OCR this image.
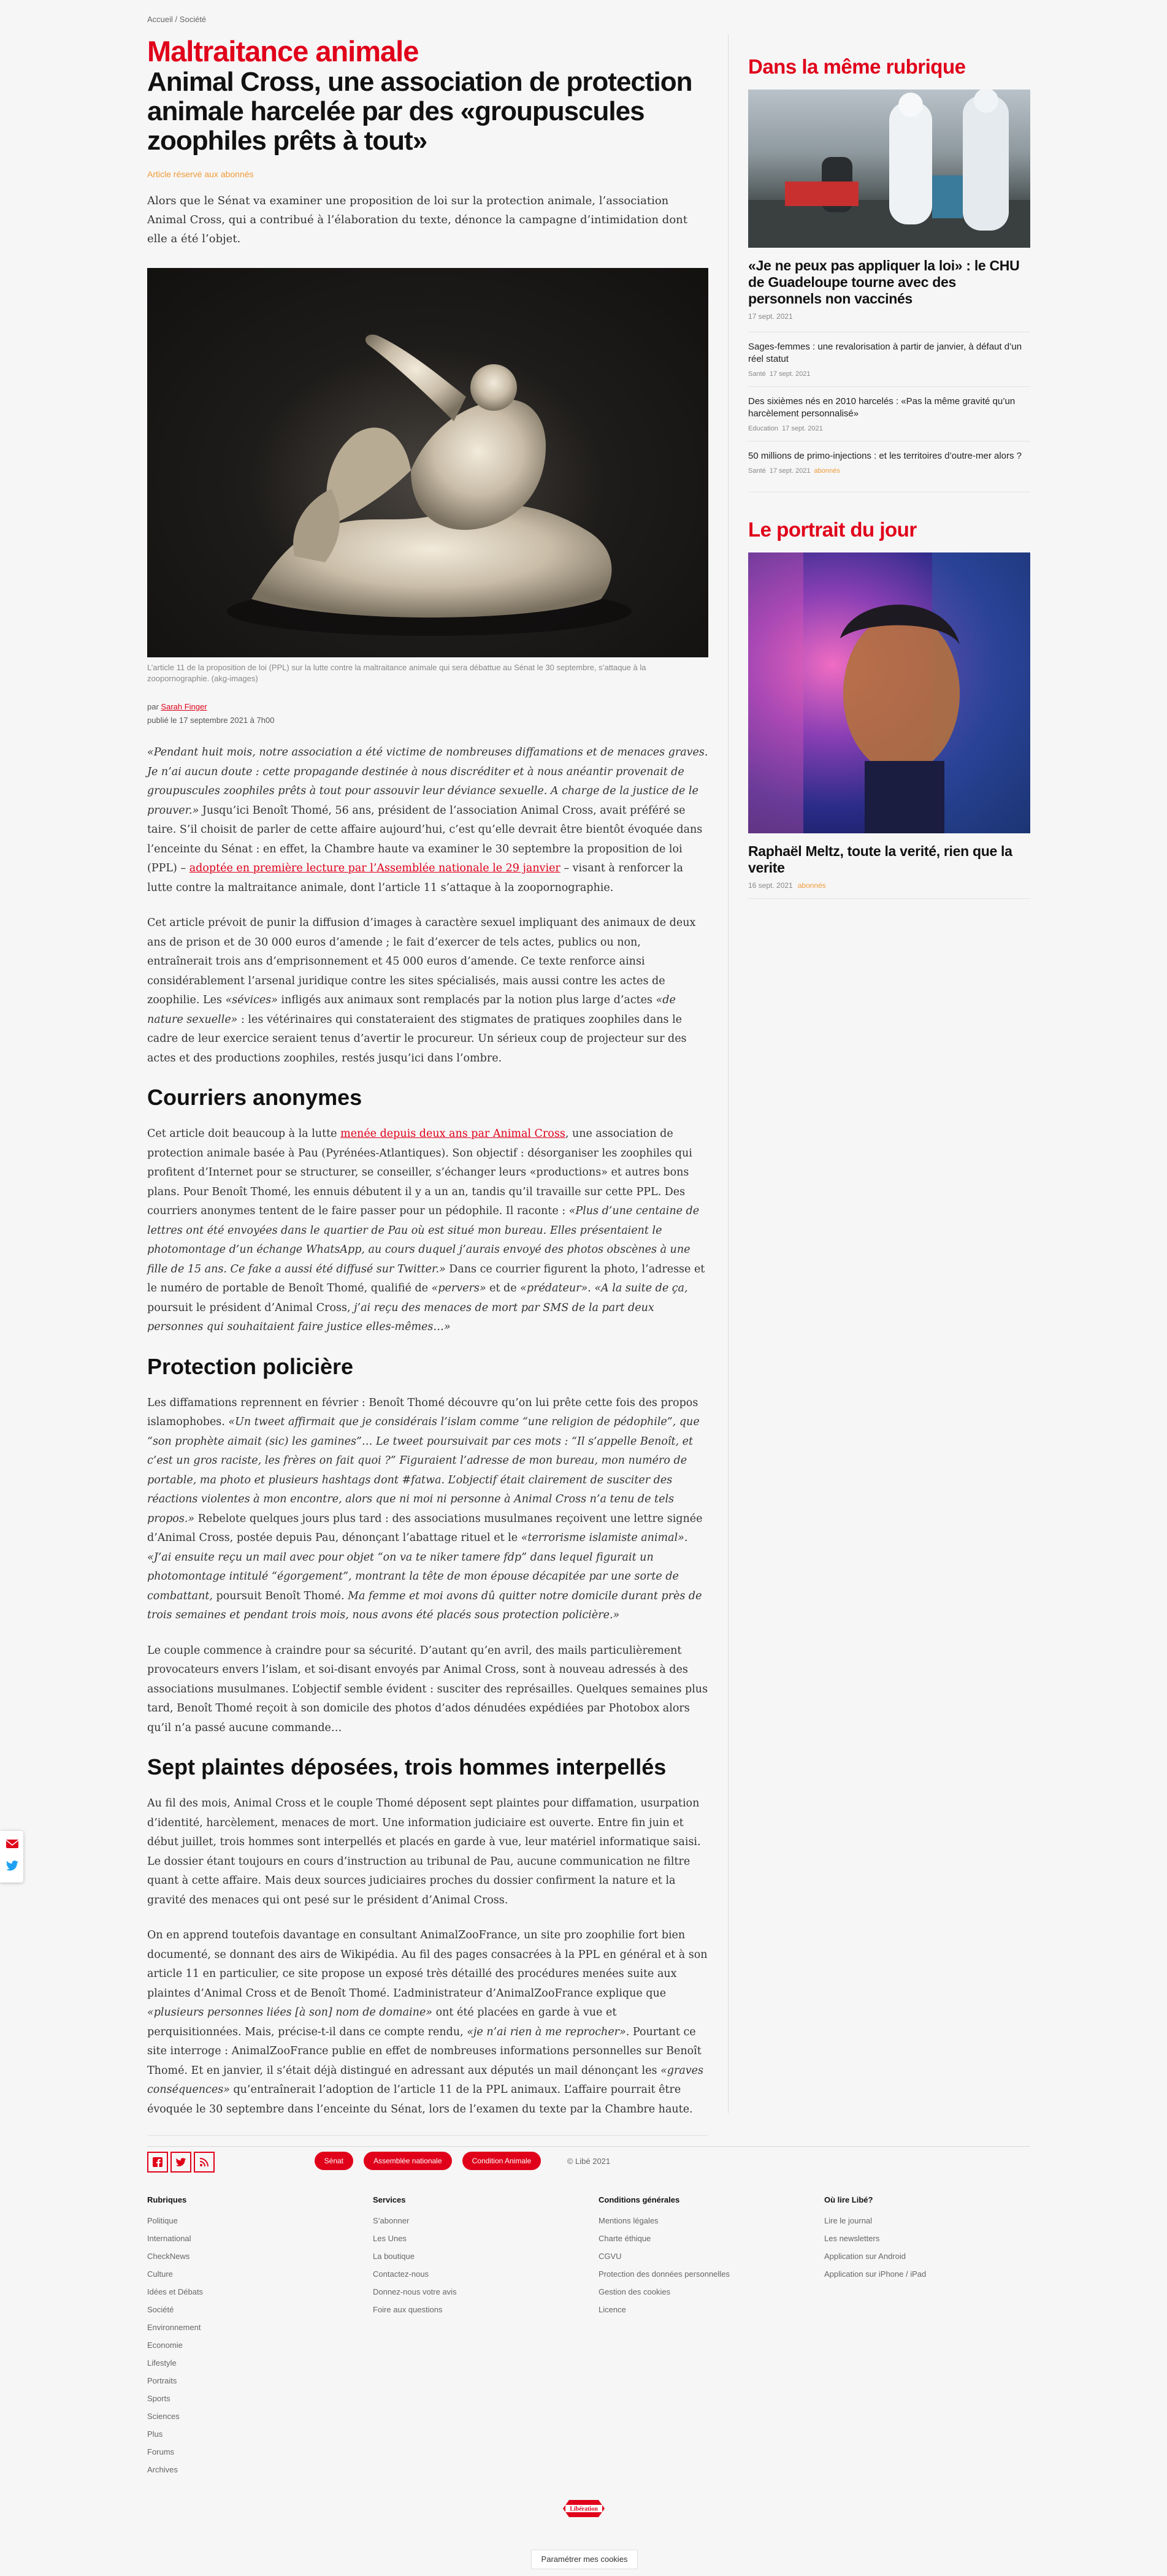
Accueil / Société
Maltraitance animale
Animal Cross, une association de protection animale harcelée par des «groupuscules zoophiles prêts à tout»
Article réservé aux abonnés

Alors que le Sénat va examiner une proposition de loi sur la protection animale, l’association Animal Cross, qui a contribué à l’élaboration du texte, dénonce la campagne d’intimidation dont elle a été l’objet.

L’article 11 de la proposition de loi (PPL) sur la lutte contre la maltraitance animale qui sera débattue au Sénat le 30 septembre, s’attaque à la zoopornographie. (akg-images)
par Sarah Finger
publié le 17 septembre 2021 à 7h00

«Pendant huit mois, notre association a été victime de nombreuses diffamations et de menaces graves. Je n’ai aucun doute : cette propagande destinée à nous discréditer et à nous anéantir provenait de groupuscules zoophiles prêts à tout pour assouvir leur déviance sexuelle. A charge de la justice de le prouver.» Jusqu’ici Benoît Thomé, 56 ans, président de l’association Animal Cross, avait préféré se taire. S’il choisit de parler de cette affaire aujourd’hui, c’est qu’elle devrait être bientôt évoquée dans l’enceinte du Sénat : en effet, la Chambre haute va examiner le 30 septembre la proposition de loi (PPL) – adoptée en première lecture par l’Assemblée nationale le 29 janvier – visant à renforcer la lutte contre la maltraitance animale, dont l’article 11 s’attaque à la zoopornographie.

Cet article prévoit de punir la diffusion d’images à caractère sexuel impliquant des animaux de deux ans de prison et de 30 000 euros d’amende ; le fait d’exercer de tels actes, publics ou non, entraînerait trois ans d’emprisonnement et 45 000 euros d’amende. Ce texte renforce ainsi considérablement l’arsenal juridique contre les sites spécialisés, mais aussi contre les actes de zoophilie. Les «sévices» infligés aux animaux sont remplacés par la notion plus large d’actes «de nature sexuelle» : les vétérinaires qui constateraient des stigmates de pratiques zoophiles dans le cadre de leur exercice seraient tenus d’avertir le procureur. Un sérieux coup de projecteur sur des actes et des productions zoophiles, restés jusqu’ici dans l’ombre.

Courriers anonymes

Cet article doit beaucoup à la lutte menée depuis deux ans par Animal Cross, une association de protection animale basée à Pau (Pyrénées-Atlantiques). Son objectif : désorganiser les zoophiles qui profitent d’Internet pour se structurer, se conseiller, s’échanger leurs «productions» et autres bons plans. Pour Benoît Thomé, les ennuis débutent il y a un an, tandis qu’il travaille sur cette PPL. Des courriers anonymes tentent de le faire passer pour un pédophile. Il raconte : «Plus d’une centaine de lettres ont été envoyées dans le quartier de Pau où est situé mon bureau. Elles présentaient le photomontage d’un échange WhatsApp, au cours duquel j’aurais envoyé des photos obscènes à une fille de 15 ans. Ce fake a aussi été diffusé sur Twitter.» Dans ce courrier figurent la photo, l’adresse et le numéro de portable de Benoît Thomé, qualifié de «pervers» et de «prédateur». «A la suite de ça, poursuit le président d’Animal Cross, j’ai reçu des menaces de mort par SMS de la part deux personnes qui souhaitaient faire justice elles-mêmes…»

Protection policière

Les diffamations reprennent en février : Benoît Thomé découvre qu’on lui prête cette fois des propos islamophobes. «Un tweet affirmait que je considérais l’islam comme “une religion de pédophile”, que “son prophète aimait (sic) les gamines”… Le tweet poursuivait par ces mots : “Il s’appelle Benoît, et c’est un gros raciste, les frères on fait quoi ?” Figuraient l’adresse de mon bureau, mon numéro de portable, ma photo et plusieurs hashtags dont #fatwa. L’objectif était clairement de susciter des réactions violentes à mon encontre, alors que ni moi ni personne à Animal Cross n’a tenu de tels propos.» Rebelote quelques jours plus tard : des associations musulmanes reçoivent une lettre signée d’Animal Cross, postée depuis Pau, dénonçant l’abattage rituel et le «terrorisme islamiste animal». «J’ai ensuite reçu un mail avec pour objet “on va te niker tamere fdp” dans lequel figurait un photomontage intitulé “égorgement”, montrant la tête de mon épouse décapitée par une sorte de combattant, poursuit Benoît Thomé. Ma femme et moi avons dû quitter notre domicile durant près de trois semaines et pendant trois mois, nous avons été placés sous protection policière.»

Le couple commence à craindre pour sa sécurité. D’autant qu’en avril, des mails particulièrement provocateurs envers l’islam, et soi-disant envoyés par Animal Cross, sont à nouveau adressés à des associations musulmanes. L’objectif semble évident : susciter des représailles. Quelques semaines plus tard, Benoît Thomé reçoit à son domicile des photos d’ados dénudées expédiées par Photobox alors qu’il n’a passé aucune commande…

Sept plaintes déposées, trois hommes interpellés

Au fil des mois, Animal Cross et le couple Thomé déposent sept plaintes pour diffamation, usurpation d’identité, harcèlement, menaces de mort. Une information judiciaire est ouverte. Entre fin juin et début juillet, trois hommes sont interpellés et placés en garde à vue, leur matériel informatique saisi. Le dossier étant toujours en cours d’instruction au tribunal de Pau, aucune communication ne filtre quant à cette affaire. Mais deux sources judiciaires proches du dossier confirment la nature et la gravité des menaces qui ont pesé sur le président d’Animal Cross.

On en apprend toutefois davantage en consultant AnimalZooFrance, un site pro zoophilie fort bien documenté, se donnant des airs de Wikipédia. Au fil des pages consacrées à la PPL en général et à son article 11 en particulier, ce site propose un exposé très détaillé des procédures menées suite aux plaintes d’Animal Cross et de Benoît Thomé. L’administrateur d’AnimalZooFrance explique que «plusieurs personnes liées [à son] nom de domaine» ont été placées en garde à vue et perquisitionnées. Mais, précise-t-il dans ce compte rendu, «je n’ai rien à me reprocher». Pourtant ce site interroge : AnimalZooFrance publie en effet de nombreuses informations personnelles sur Benoît Thomé. Et en janvier, il s’était déjà distingué en adressant aux députés un mail dénonçant les «graves conséquences» qu’entraînerait l’adoption de l’article 11 de la PPL animaux. L’affaire pourrait être évoquée le 30 septembre dans l’enceinte du Sénat, lors de l’examen du texte par la Chambre haute.

Sénat	Assemblée nationale	Condition Animale
Dans la même rubrique
«Je ne peux pas appliquer la loi» : le CHU de Guadeloupe tourne avec des personnels non vaccinés
17 sept. 2021
Sages-femmes : une revalorisation à partir de janvier, à défaut d’un réel statut
Santé 17 sept. 2021
Des sixièmes nés en 2010 harcelés : «Pas la même gravité qu’un harcèlement personnalisé»
Education 17 sept. 2021
50 millions de primo-injections : et les territoires d’outre-mer alors ?
Santé 17 sept. 2021 abonnés
Le portrait du jour
Raphaël Meltz, toute la verité, rien que la verite
16 sept. 2021 abonnés
© Libé 2021
Rubriques
Politique
International
CheckNews
Culture
Idées et Débats
Société
Environnement
Economie
Lifestyle
Portraits
Sports
Sciences
Plus
Forums
Archives
Services
S’abonner
Les Unes
La boutique
Contactez-nous
Donnez-nous votre avis
Foire aux questions
Conditions générales
Mentions légales
Charte éthique
CGVU
Protection des données personnelles
Gestion des cookies
Licence
Où lire Libé?
Lire le journal
Les newsletters
Application sur Android
Application sur iPhone / iPad
Libération
Paramétrer mes cookies
